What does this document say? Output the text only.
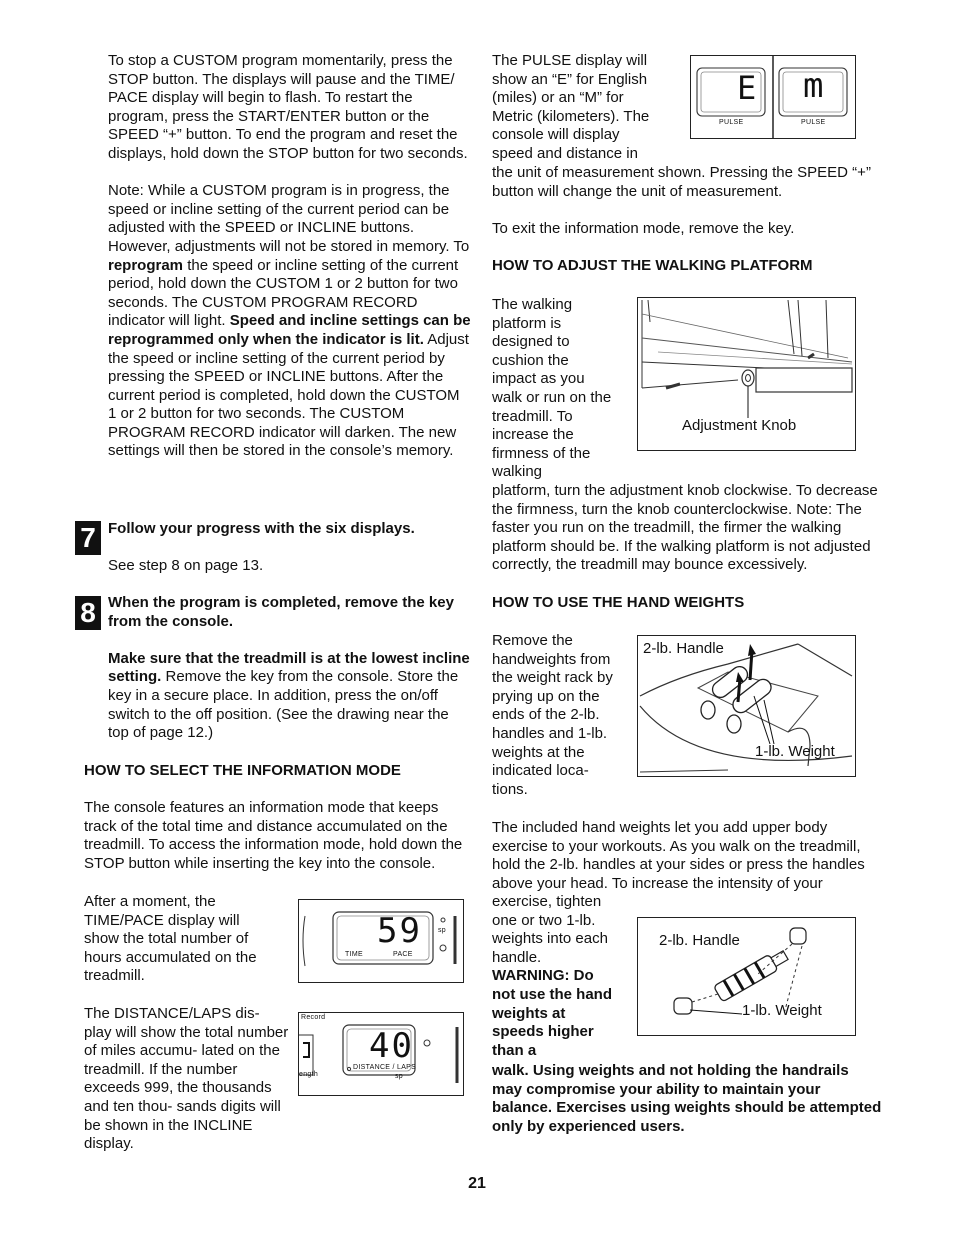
To stop a CUSTOM program momentarily, press the STOP button. The displays will pause and the TIME/ PACE display will begin to flash. To restart the program, press the START/ENTER button or the SPEED “+” button. To end the program and reset the displays, hold down the STOP button for two seconds.

Note: While a CUSTOM program is in progress, the speed or incline setting of the current period can be adjusted with the SPEED or INCLINE buttons. However, adjustments will not be stored in memory. To reprogram the speed or incline setting of the current period, hold down the CUSTOM 1 or 2 button for two seconds. The CUSTOM PROGRAM RECORD indicator will light. Speed and incline settings can be reprogrammed only when the indicator is lit. Adjust the speed or incline setting of the current period by pressing the SPEED or INCLINE buttons. After the current period is completed, hold down the CUSTOM 1 or 2 button for two seconds. The CUSTOM PROGRAM RECORD indicator will darken. The new settings will then be stored in the console’s memory.

7 Follow your progress with the six displays.

See step 8 on page 13.

8 When the program is completed, remove the key from the console.

Make sure that the treadmill is at the lowest incline setting. Remove the key from the console. Store the key in a secure place. In addition, press the on/off switch to the off position. (See the drawing near the top of page 12.)

HOW TO SELECT THE INFORMATION MODE

The console features an information mode that keeps track of the total time and distance accumulated on the treadmill. To access the information mode, hold down the STOP button while inserting the key into the console.

After a moment, the TIME/PACE display will show the total number of hours accumulated on the treadmill.

The DISTANCE/LAPS dis- play will show the total number of miles accumu- lated on the treadmill. If the number exceeds 999, the thousands and ten thou- sands digits will be shown in the INCLINE display.

59
TIME	PACE
sp
Record
40
DISTANCE / LAPS
sp
ength

The PULSE display will show an “E” for English (miles) or an “M” for Metric (kilometers). The console will display speed and distance in

the unit of measurement shown. Pressing the SPEED “+” button will change the unit of measurement.

To exit the information mode, remove the key.

HOW TO ADJUST THE WALKING PLATFORM

E m
PULSE	PULSE

The walking platform is designed to cushion the impact as you walk or run on the treadmill. To increase the firmness of the walking

platform, turn the adjustment knob clockwise. To decrease the firmness, turn the knob counterclockwise. Note: The faster you run on the treadmill, the firmer the walking platform should be. If the walking platform is not adjusted correctly, the treadmill may bounce excessively.

HOW TO USE THE HAND WEIGHTS

Adjustment Knob

Remove the handweights from the weight rack by prying up on the ends of the 2-lb. handles and 1-lb. weights at the indicated loca- tions.

2-lb. Handle
1-lb. Weight

The included hand weights let you add upper body exercise to your workouts. As you walk on the treadmill, hold the 2-lb. handles at your sides or press the handles above your head. To increase the intensity of your

exercise, tighten one or two 1-lb. weights into each handle. WARNING: Do not use the hand weights at speeds higher than a

walk. Using weights and not holding the handrails may compromise your ability to maintain your balance. Exercises using weights should be attempted only by experienced users.

2-lb. Handle
1-lb. Weight
21
